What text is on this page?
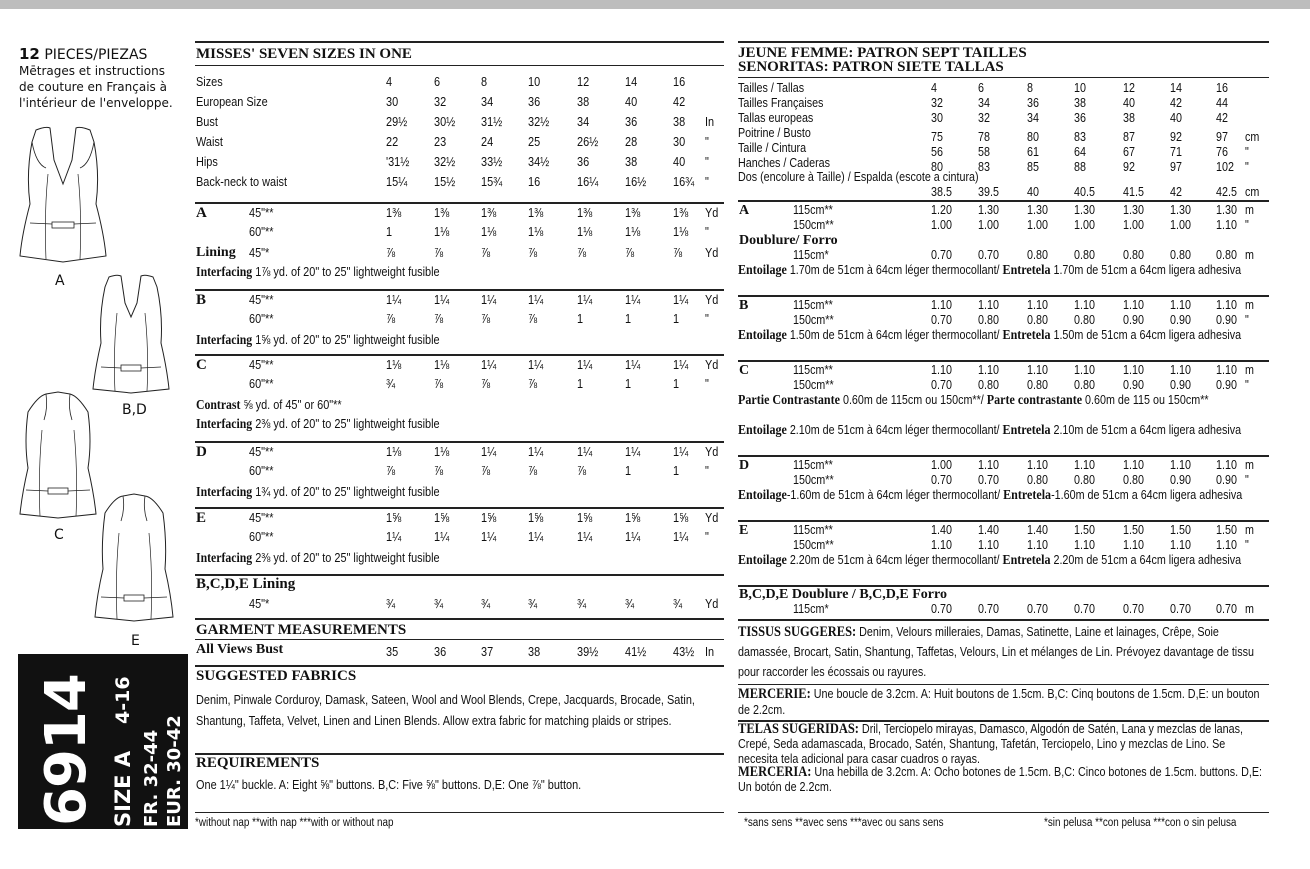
12 PIECES/PIEZAS
Mētrages et instructions
de couture en Français à
l'intérieur de l'enveloppe.
A
B,D
C
E
6914 SIZE A
4-16
FR. 32-44 EUR. 30-42
MISSES' SEVEN SIZES IN ONE
Sizes	4	6	8	10	12	14	16
European Size	30	32	34	36	38	40	42
Bust	29½ 30½ 31½ 32½ 34	36	38 In
Waist	22	23	24	25	26½ 28	30 "
Hips	'31½ 32½ 33½ 34½ 36	38	40 "
Back-neck to waist	15¼ 15½ 15¾ 16	16¼ 16½ 16¾ "
A	45"**	1⅜	1⅜ 1⅜ 1⅜	1⅜	1⅜	1⅜ Yd
60"**	1	1⅛ 1⅛ 1⅛	1⅛	1⅛	1⅛ "
Lining 45"*	⅞	⅞	⅞	⅞	⅞	⅞	⅞ Yd
Interfacing 1⅞ yd. of 20" to 25" lightweight fusible
B	45"**	1¼	1¼ 1¼ 1¼	1¼	1¼	1¼ Yd
60"**	⅞	⅞	⅞	⅞	1	1	1 "
Interfacing 1⅝ yd. of 20" to 25" lightweight fusible
C	45"**	1⅛	1⅛ 1¼ 1¼	1¼	1¼	1¼ Yd
60"**	¾	⅞	⅞	⅞	1	1	1 "
Contrast ⅝ yd. of 45" or 60"**
Interfacing 2⅜ yd. of 20" to 25" lightweight fusible
D	45"**	1⅛	1⅛ 1¼ 1¼	1¼	1¼	1¼ Yd
60"**	⅞	⅞	⅞	⅞	⅞	1	1 "
Interfacing 1¾ yd. of 20" to 25" lightweight fusible
E	45"**	1⅝	1⅝ 1⅝ 1⅝	1⅝	1⅝	1⅝ Yd
60"**	1¼	1¼ 1¼ 1¼	1¼	1¼	1¼ "
Interfacing 2⅜ yd. of 20" to 25" lightweight fusible
B,C,D,E Lining
45"*	¾	¾	¾	¾	¾	¾	¾ Yd
GARMENT MEASUREMENTS
All Views Bust	35	36	37	38	39½ 41½ 43½ In
SUGGESTED FABRICS
Denim, Pinwale Corduroy, Damask, Sateen, Wool and Wool Blends, Crepe, Jacquards, Brocade, Satin, Shantung, Taffeta, Velvet, Linen and Linen Blends. Allow extra fabric for matching plaids or stripes.
REQUIREMENTS
One 1¼" buckle. A: Eight ⅝" buttons. B,C: Five ⅝" buttons. D,E: One ⅞" button.
*without nap **with nap ***with or without nap
JEUNE FEMME: PATRON SEPT TAILLES
SENORITAS: PATRON SIETE TALLAS
Tailles / Tallas	4	6	8	10	12	14	16
Tailles Françaises	32	34	36	38	40	42	44
Tallas europeas	30	32	34	36	38	40	42
Poitrine / Busto	75	78	80	83	87	92	97 cm
Taille / Cintura	56	58	61	64	67	71	76 "
Hanches / Caderas	80	83	85	88	92	97	102 "
Dos (encolure à Taille) / Espalda (escote a cintura)
38.5 39.5 40	40.5 41.5 42	42.5 cm
A	115cm**	1.20 1.30 1.30 1.30 1.30 1.30 1.30 m
150cm**	1.00 1.00 1.00 1.00 1.00 1.00 1.10 "
Doublure/ Forro
115cm*	0.70 0.70 0.80 0.80 0.80 0.80 0.80 m
Entoilage 1.70m de 51cm à 64cm léger thermocollant/ Entretela 1.70m de 51cm a 64cm ligera adhesiva
B	115cm**	1.10 1.10 1.10 1.10 1.10 1.10 1.10 m
150cm**	0.70 0.80 0.80 0.80 0.90 0.90 0.90 "
Entoilage 1.50m de 51cm à 64cm léger thermocollant/ Entretela 1.50m de 51cm a 64cm ligera adhesiva
C	115cm**	1.10 1.10 1.10 1.10 1.10 1.10 1.10 m
150cm**	0.70 0.80 0.80 0.80 0.90 0.90 0.90 "
Partie Contrastante 0.60m de 115cm ou 150cm**/ Parte contrastante 0.60m de 115 ou 150cm**
Entoilage 2.10m de 51cm à 64cm léger thermocollant/ Entretela 2.10m de 51cm a 64cm ligera adhesiva
D	115cm**	1.00 1.10 1.10 1.10 1.10 1.10 1.10 m
150cm**	0.70 0.70 0.80 0.80 0.80 0.90 0.90 "
Entoilage-1.60m de 51cm à 64cm léger thermocollant/ Entretela-1.60m de 51cm a 64cm ligera adhesiva
E	115cm**	1.40 1.40 1.40 1.50 1.50 1.50 1.50 m
150cm**	1.10 1.10 1.10 1.10 1.10 1.10 1.10 "
Entoilage 2.20m de 51cm à 64cm léger thermocollant/ Entretela 2.20m de 51cm a 64cm ligera adhesiva
B,C,D,E Doublure / B,C,D,E Forro
115cm*	0.70 0.70 0.70 0.70 0.70 0.70 0.70 m
TISSUS SUGGERES: Denim, Velours milleraies, Damas, Satinette, Laine et lainages, Crêpe, Soie damassée, Brocart, Satin, Shantung, Taffetas, Velours, Lin et mélanges de Lin. Prévoyez davantage de tissu pour raccorder les écossais ou rayures.
MERCERIE: Une boucle de 3.2cm. A: Huit boutons de 1.5cm. B,C: Cinq boutons de 1.5cm. D,E: un bouton de 2.2cm.
TELAS SUGERIDAS: Dril, Terciopelo mirayas, Damasco, Algodón de Satén, Lana y mezclas de lanas, Crepé, Seda adamascada, Brocado, Satén, Shantung, Tafetán, Terciopelo, Lino y mezclas de Lino. Se necesita tela adicional para casar cuadros o rayas.
MERCERIA: Una hebilla de 3.2cm. A: Ocho botones de 1.5cm. B,C: Cinco botones de 1.5cm. buttons. D,E: Un botón de 2.2cm.
*sans sens **avec sens ***avec ou sans sens	*sin pelusa **con pelusa ***con o sin pelusa
